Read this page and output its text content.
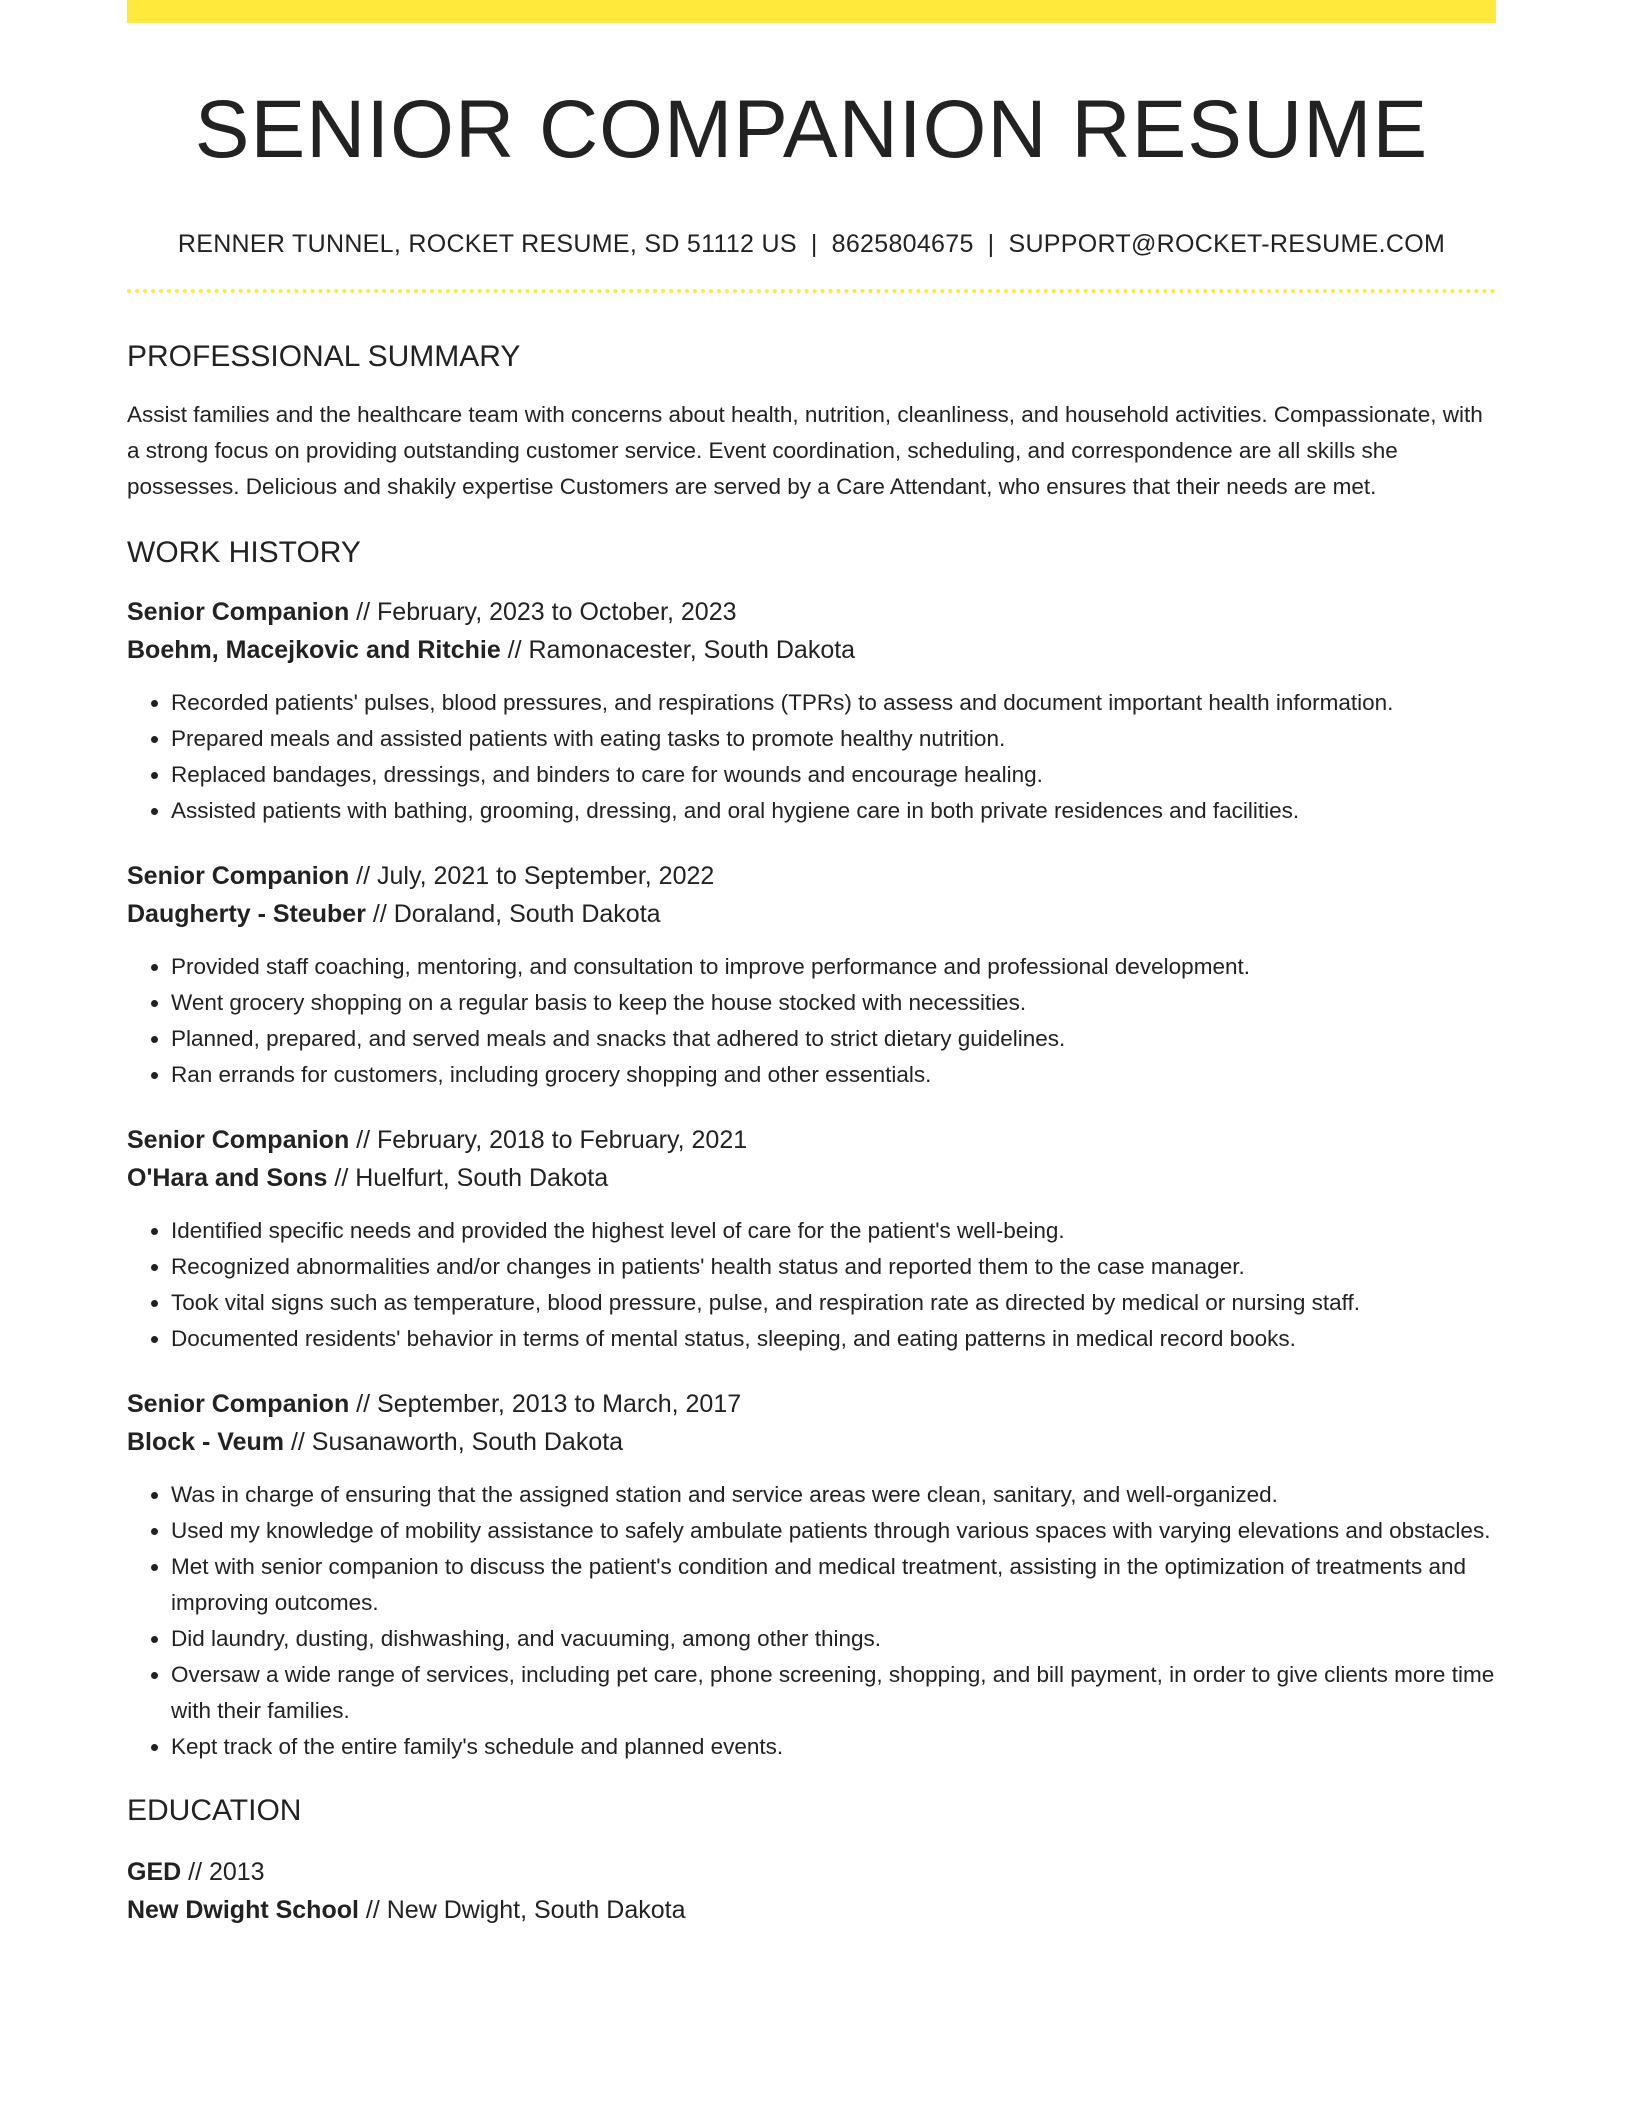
SENIOR COMPANION RESUME
RENNER TUNNEL, ROCKET RESUME, SD 51112 US | 8625804675 | SUPPORT@ROCKET-RESUME.COM
PROFESSIONAL SUMMARY

Assist families and the healthcare team with concerns about health, nutrition, cleanliness, and household activities. Compassionate, with a strong focus on providing outstanding customer service. Event coordination, scheduling, and correspondence are all skills she possesses. Delicious and shakily expertise Customers are served by a Care Attendant, who ensures that their needs are met.

WORK HISTORY
Senior Companion // February, 2023 to October, 2023
Boehm, Macejkovic and Ritchie // Ramonacester, South Dakota
• Recorded patients' pulses, blood pressures, and respirations (TPRs) to assess and document important health information.
• Prepared meals and assisted patients with eating tasks to promote healthy nutrition.
• Replaced bandages, dressings, and binders to care for wounds and encourage healing.
• Assisted patients with bathing, grooming, dressing, and oral hygiene care in both private residences and facilities.
Senior Companion // July, 2021 to September, 2022
Daugherty - Steuber // Doraland, South Dakota
• Provided staff coaching, mentoring, and consultation to improve performance and professional development.
• Went grocery shopping on a regular basis to keep the house stocked with necessities.
• Planned, prepared, and served meals and snacks that adhered to strict dietary guidelines.
• Ran errands for customers, including grocery shopping and other essentials.
Senior Companion // February, 2018 to February, 2021
O'Hara and Sons // Huelfurt, South Dakota
• Identified specific needs and provided the highest level of care for the patient's well-being.
• Recognized abnormalities and/or changes in patients' health status and reported them to the case manager.
• Took vital signs such as temperature, blood pressure, pulse, and respiration rate as directed by medical or nursing staff.
• Documented residents' behavior in terms of mental status, sleeping, and eating patterns in medical record books.
Senior Companion // September, 2013 to March, 2017
Block - Veum // Susanaworth, South Dakota
• Was in charge of ensuring that the assigned station and service areas were clean, sanitary, and well-organized.
• Used my knowledge of mobility assistance to safely ambulate patients through various spaces with varying elevations and obstacles.
• Met with senior companion to discuss the patient's condition and medical treatment, assisting in the optimization of treatments and improving outcomes.
• Did laundry, dusting, dishwashing, and vacuuming, among other things.
• Oversaw a wide range of services, including pet care, phone screening, shopping, and bill payment, in order to give clients more time with their families.
• Kept track of the entire family's schedule and planned events.
EDUCATION
GED // 2013
New Dwight School // New Dwight, South Dakota
